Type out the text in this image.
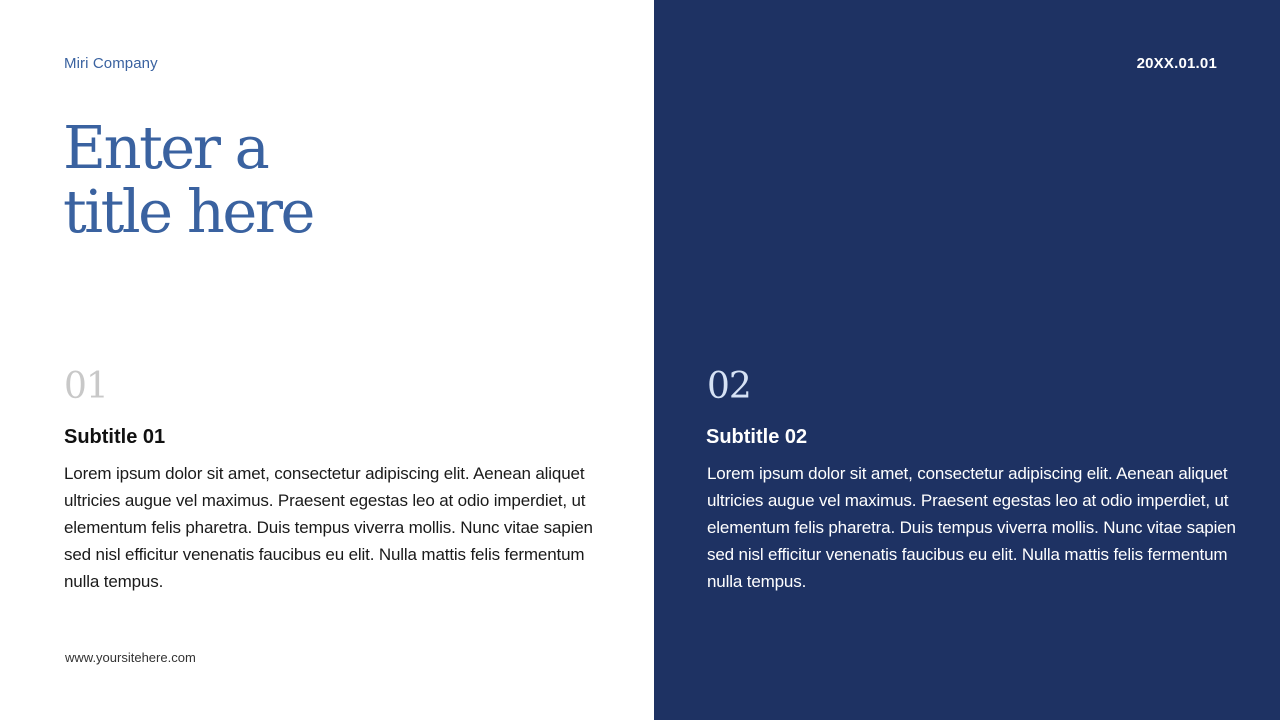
Miri Company	20XX.01.01
Enter a
title here
01
Subtitle 01

Lorem ipsum dolor sit amet, consectetur adipiscing elit. Aenean aliquet ultricies augue vel maximus. Praesent egestas leo at odio imperdiet, ut elementum felis pharetra. Duis tempus viverra mollis. Nunc vitae sapien sed nisl efficitur venenatis faucibus eu elit. Nulla mattis felis fermentum nulla tempus.

02
Subtitle 02

Lorem ipsum dolor sit amet, consectetur adipiscing elit. Aenean aliquet ultricies augue vel maximus. Praesent egestas leo at odio imperdiet, ut elementum felis pharetra. Duis tempus viverra mollis. Nunc vitae sapien sed nisl efficitur venenatis faucibus eu elit. Nulla mattis felis fermentum nulla tempus.

www.yoursitehere.com
